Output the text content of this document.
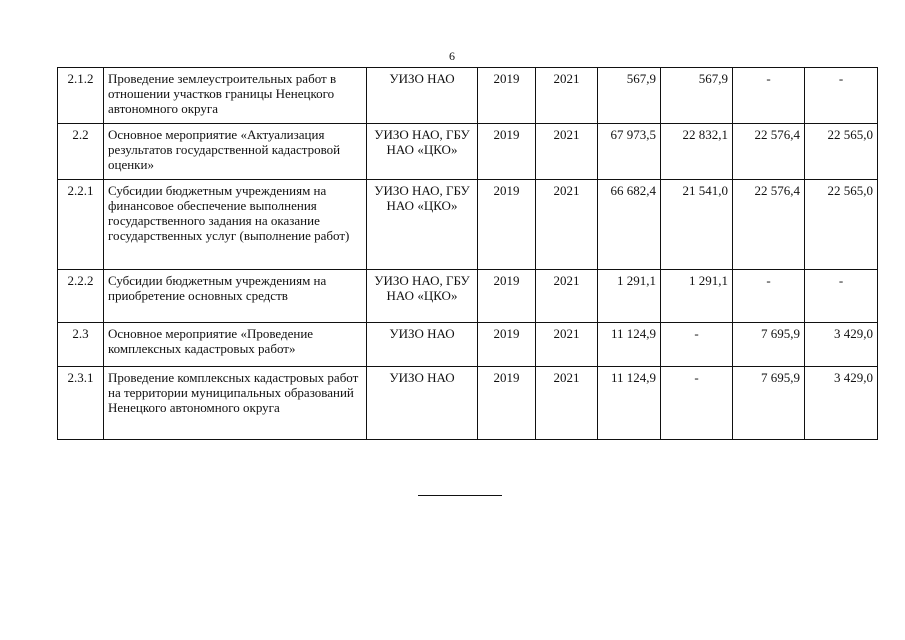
6
2.1.2	Проведение землеустроительных работ в отношении участков границы Ненецкого автономного округа	УИЗО НАО	2019	2021	567,9	567,9	-	-
2.2	Основное мероприятие «Актуализация результатов государственной кадастровой оценки»	УИЗО НАО, ГБУ НАО «ЦКО»	2019	2021	67 973,5	22 832,1	22 576,4	22 565,0
2.2.1	Субсидии бюджетным учреждениям на финансовое обеспечение выполнения государственного задания на оказание государственных услуг (выполнение работ)	УИЗО НАО, ГБУ НАО «ЦКО»	2019	2021	66 682,4	21 541,0	22 576,4	22 565,0
2.2.2	Субсидии бюджетным учреждениям на приобретение основных средств	УИЗО НАО, ГБУ НАО «ЦКО»	2019	2021	1 291,1	1 291,1	-	-
2.3	Основное мероприятие «Проведение комплексных кадастровых работ»	УИЗО НАО	2019	2021	11 124,9	-	7 695,9	3 429,0
2.3.1	Проведение комплексных кадастровых работ на территории муниципальных образований Ненецкого автономного округа	УИЗО НАО	2019	2021	11 124,9	-	7 695,9	3 429,0
